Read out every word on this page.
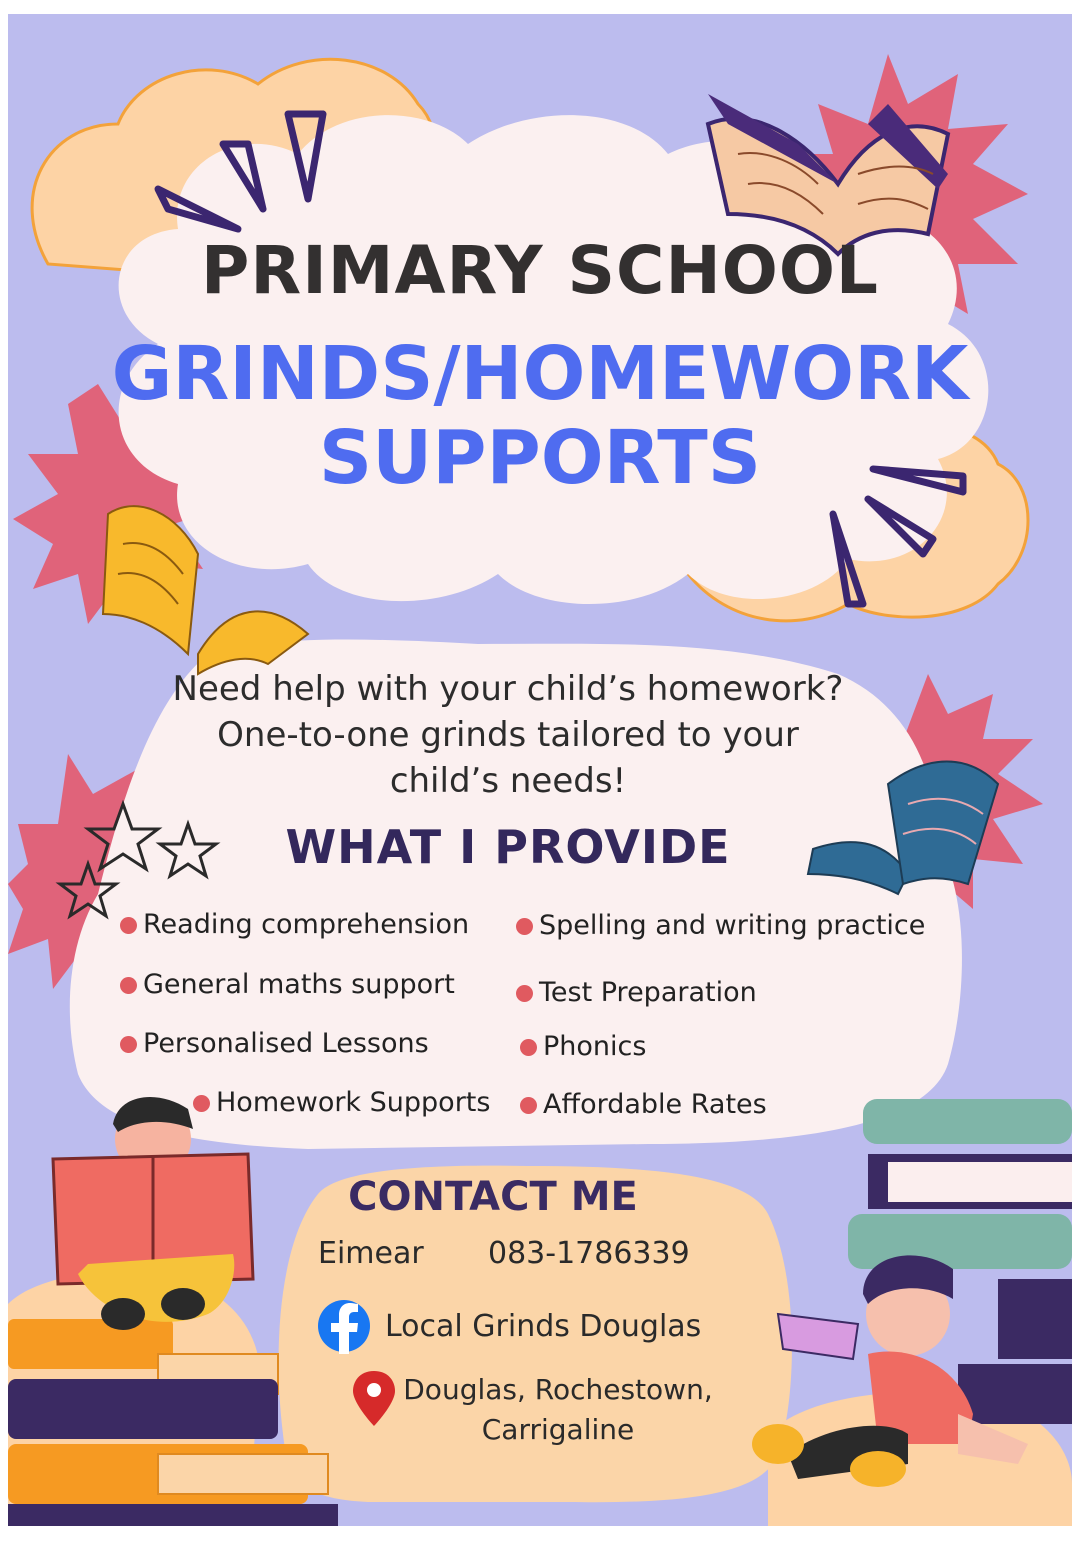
PRIMARY SCHOOL
GRINDS/HOMEWORK
SUPPORTS
Need help with your child’s homework? One-to-one grinds tailored to your child’s needs!
WHAT I PROVIDE
Reading comprehension
General maths support
Personalised Lessons
Homework Supports
Spelling and writing practice
Test Preparation
Phonics
Affordable Rates
CONTACT ME
Eimear 083-1786339
Local Grinds Douglas
Douglas, Rochestown,
Carrigaline
